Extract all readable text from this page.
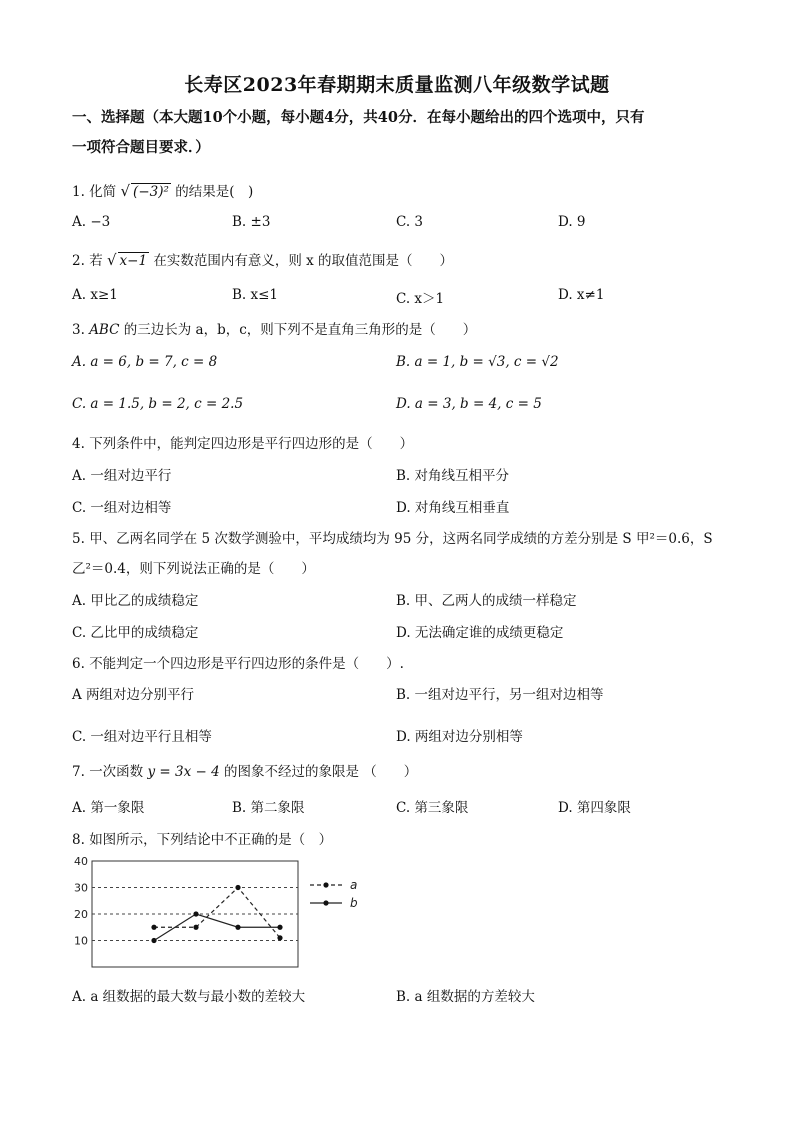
长寿区2023年春期期末质量监测八年级数学试题
一、选择题（本大题10个小题，每小题4分，共40分．在每小题给出的四个选项中，只有
一项符合题目要求．）
1. 化简 √ (−3)² 的结果是(　)
A. −3	B. ±3	C. 3	D. 9
2. 若 √ x−1 在实数范围内有意义，则 x 的取值范围是（　　）
A. x≥1	B. x≤1	C. x＞1	D. x≠1
3. ABC 的三边长为 a，b，c，则下列不是直角三角形的是（　　）
A. a = 6, b = 7, c = 8	B. a = 1, b = √3, c = √2
C. a = 1.5, b = 2, c = 2.5	D. a = 3, b = 4, c = 5
4. 下列条件中，能判定四边形是平行四边形的是（　　）
A. 一组对边平行	B. 对角线互相平分
C. 一组对边相等	D. 对角线互相垂直
5. 甲、乙两名同学在 5 次数学测验中，平均成绩均为 95 分，这两名同学成绩的方差分别是 S 甲²＝0.6，S
乙²＝0.4，则下列说法正确的是（　　）
A. 甲比乙的成绩稳定	B. 甲、乙两人的成绩一样稳定
C. 乙比甲的成绩稳定	D. 无法确定谁的成绩更稳定
6. 不能判定一个四边形是平行四边形的条件是（　　）.
A 两组对边分别平行	B. 一组对边平行，另一组对边相等
C. 一组对边平行且相等	D. 两组对边分别相等
7. 一次函数 y = 3x − 4 的图象不经过的象限是 （　　）
A. 第一象限	B. 第二象限	C. 第三象限	D. 第四象限
8. 如图所示，下列结论中不正确的是（　）
10
20
30
40
a
b
A. a 组数据的最大数与最小数的差较大	B. a 组数据的方差较大
